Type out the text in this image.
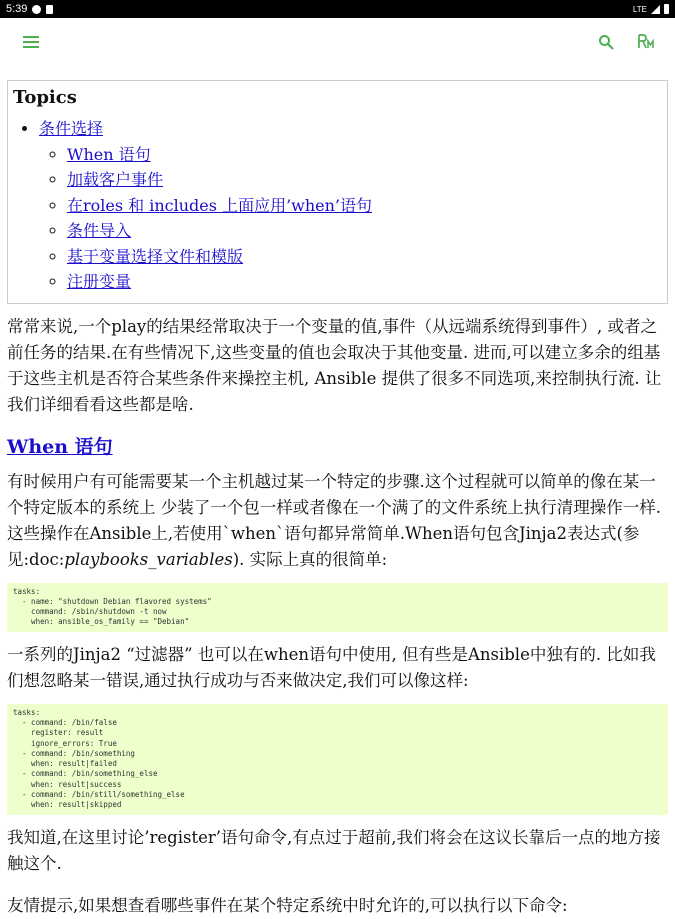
5:39	LTE
Topics
• 条件选择
◦ When 语句
◦ 加载客户事件
◦ 在roles 和 includes 上面应用’when’语句
◦ 条件导入
◦ 基于变量选择文件和模版
◦ 注册变量

常常来说,一个play的结果经常取决于一个变量的值,事件（从远端系统得到事件）, 或者之前任务的结果.在有些情况下,这些变量的值也会取决于其他变量. 进而,可以建立多余的组基于这些主机是否符合某些条件来操控主机, Ansible 提供了很多不同选项,来控制执行流. 让我们详细看看这些都是啥.

When 语句

有时候用户有可能需要某一个主机越过某一个特定的步骤.这个过程就可以简单的像在某一个特定版本的系统上 少装了一个包一样或者像在一个满了的文件系统上执行清理操作一样. 这些操作在Ansible上,若使用`when`语句都异常简单.When语句包含Jinja2表达式(参见:doc:playbooks_variables). 实际上真的很简单:

tasks:
- name: "shutdown Debian flavored systems"
command: /sbin/shutdown -t now
when: ansible_os_family == "Debian"

一系列的Jinja2 “过滤器” 也可以在when语句中使用, 但有些是Ansible中独有的. 比如我们想忽略某一错误,通过执行成功与否来做决定,我们可以像这样:

tasks:
- command: /bin/false
register: result
ignore_errors: True
- command: /bin/something
when: result|failed
- command: /bin/something_else
when: result|success
- command: /bin/still/something_else
when: result|skipped

我知道,在这里讨论’register’语句命令,有点过于超前,我们将会在这议长靠后一点的地方接触这个.

友情提示,如果想查看哪些事件在某个特定系统中时允许的,可以执行以下命令:
